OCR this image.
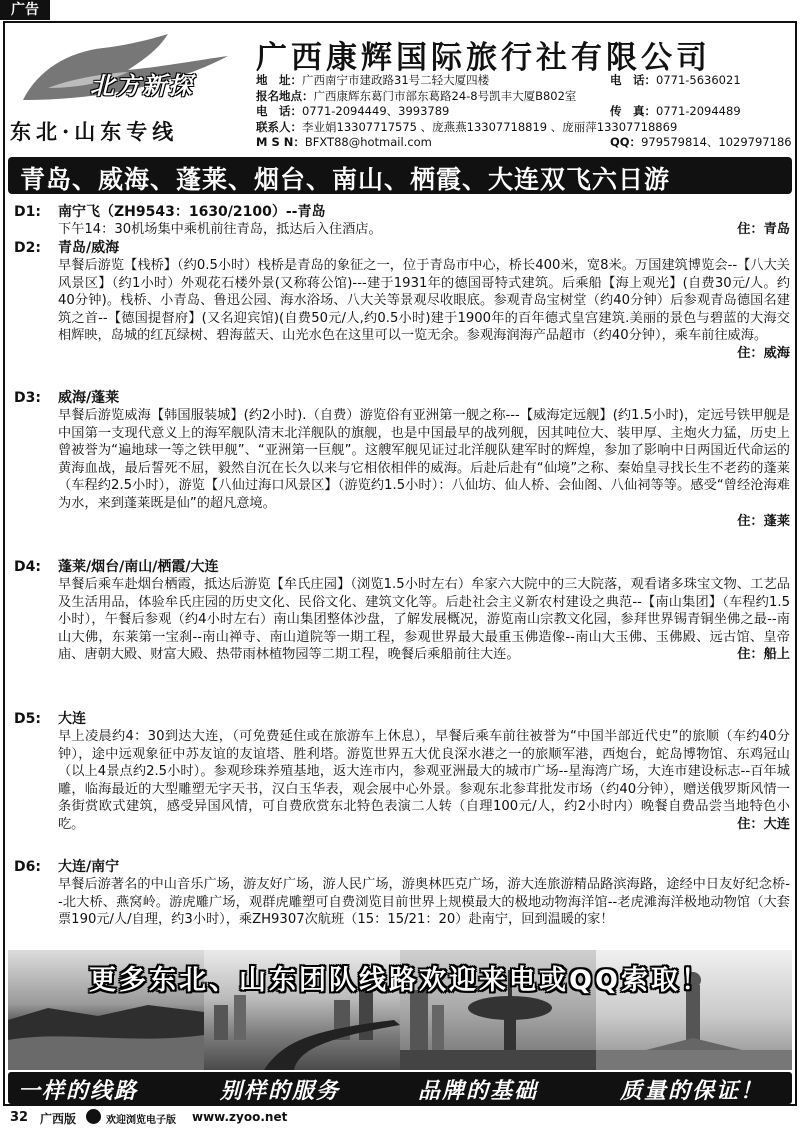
广告
北方新探
东北·山东专线
广西康辉国际旅行社有限公司
地　址：广西南宁市建政路31号二轻大厦四楼	电　话：0771-5636021
报名地点：广西康辉东葛门市部东葛路24-8号凯丰大厦B802室
电　话：0771-2094449、3993789	传　真：0771-2094489
联系人：李业娟13307717575 、庞燕燕13307718819 、庞丽萍13307718869
M S N：BFXT88@hotmail.com	QQ：979579814、1029797186
青岛、威海、蓬莱、烟台、南山、栖霞、大连双飞六日游
D1: 南宁飞（ZH9543：1630/2100）--青岛
下午14：30机场集中乘机前往青岛，抵达后入住酒店。	住：青岛
D2: 青岛/威海
早餐后游览【栈桥】（约0.5小时）栈桥是青岛的象征之一，位于青岛市中心，桥长400米，宽8米。万国建筑博览会--【八大关风景区】（约1小时）外观花石楼外景(又称蒋公馆)---建于1931年的德国哥特式建筑。后乘船【海上观光】(自费30元/人。约40分钟)。栈桥、小青岛、鲁迅公园、海水浴场、八大关等景观尽收眼底。参观青岛宝树堂（约40分钟）后参观青岛德国名建筑之首--【德国提督府】(又名迎宾馆)(自费50元/人,约0.5小时)建于1900年的百年德式皇宫建筑.美丽的景色与碧蓝的大海交相辉映，岛城的红瓦绿树、碧海蓝天、山光水色在这里可以一览无余。参观海润海产品超市（约40分钟），乘车前往威海。
住：威海
D3: 威海/蓬莱
早餐后游览威海【韩国服装城】(约2小时).（自费）游览俗有亚洲第一舰之称---【威海定远舰】(约1.5小时)，定远号铁甲舰是中国第一支现代意义上的海军舰队清末北洋舰队的旗舰，也是中国最早的战列舰，因其吨位大、装甲厚、主炮火力猛，历史上曾被誉为“遍地球一等之铁甲舰”、“亚洲第一巨舰”。这艘军舰见证过北洋舰队建军时的辉煌，参加了影响中日两国近代命运的黄海血战，最后誓死不屈，毅然自沉在长久以来与它相依相伴的威海。后赴后赴有“仙境”之称、秦始皇寻找长生不老药的蓬莱（车程约2.5小时），游览【八仙过海口风景区】（游览约1.5小时）：八仙坊、仙人桥、会仙阁、八仙祠等等。感受“曾经沧海难为水，来到蓬莱既是仙”的超凡意境。
住：蓬莱
D4: 蓬莱/烟台/南山/栖霞/大连
早餐后乘车赴烟台栖霞，抵达后游览【牟氏庄园】（浏览1.5小时左右）牟家六大院中的三大院落，观看诸多珠宝文物、工艺品及生活用品，体验牟氏庄园的历史文化、民俗文化、建筑文化等。后赴社会主义新农村建设之典范--【南山集团】（车程约1.5小时），午餐后参观（约4小时左右）南山集团整体沙盘，了解发展概况，游览南山宗教文化园，参拜世界锡青铜坐佛之最--南山大佛，东莱第一宝刹--南山禅寺、南山道院等一期工程，参观世界最大最重玉佛造像--南山大玉佛、玉佛殿、远古馆、皇帝庙、唐朝大殿、财富大殿、热带雨林植物园等二期工程，晚餐后乘船前往大连。	住：船上
D5: 大连
早上凌晨约4：30到达大连，（可免费延住或在旅游车上休息），早餐后乘车前往被誉为“中国半部近代史”的旅顺（车约40分钟），途中远观象征中苏友谊的友谊塔、胜利塔。游览世界五大优良深水港之一的旅顺军港，西炮台，蛇岛博物馆、东鸡冠山（以上4景点约2.5小时）。参观珍珠养殖基地，返大连市内，参观亚洲最大的城市广场--星海湾广场，大连市建设标志--百年城雕，临海最近的大型雕塑无字天书，汉白玉华表，观会展中心外景。参观东北参茸批发市场（约40分钟），赠送俄罗斯风情一条街赏欧式建筑，感受异国风情，可自费欣赏东北特色表演二人转（自理100元/人，约2小时内）晚餐自费品尝当地特色小吃。	住：大连
D6: 大连/南宁
早餐后游著名的中山音乐广场，游友好广场，游人民广场，游奥林匹克广场，游大连旅游精品路滨海路，途经中日友好纪念桥--北大桥、燕窝岭。游虎雕广场，观群虎雕塑可自费浏览目前世界上规模最大的极地动物海洋馆--老虎滩海洋极地动物馆（大套票190元/人/自理，约3小时），乘ZH9307次航班（15：15/21：20）赴南宁，回到温暖的家！
更多东北、山东团队线路欢迎来电或QQ索取！
一样的线路	别样的服务	品牌的基础	质量的保证！
32 广西版	欢迎浏览电子版 www.zyoo.net
